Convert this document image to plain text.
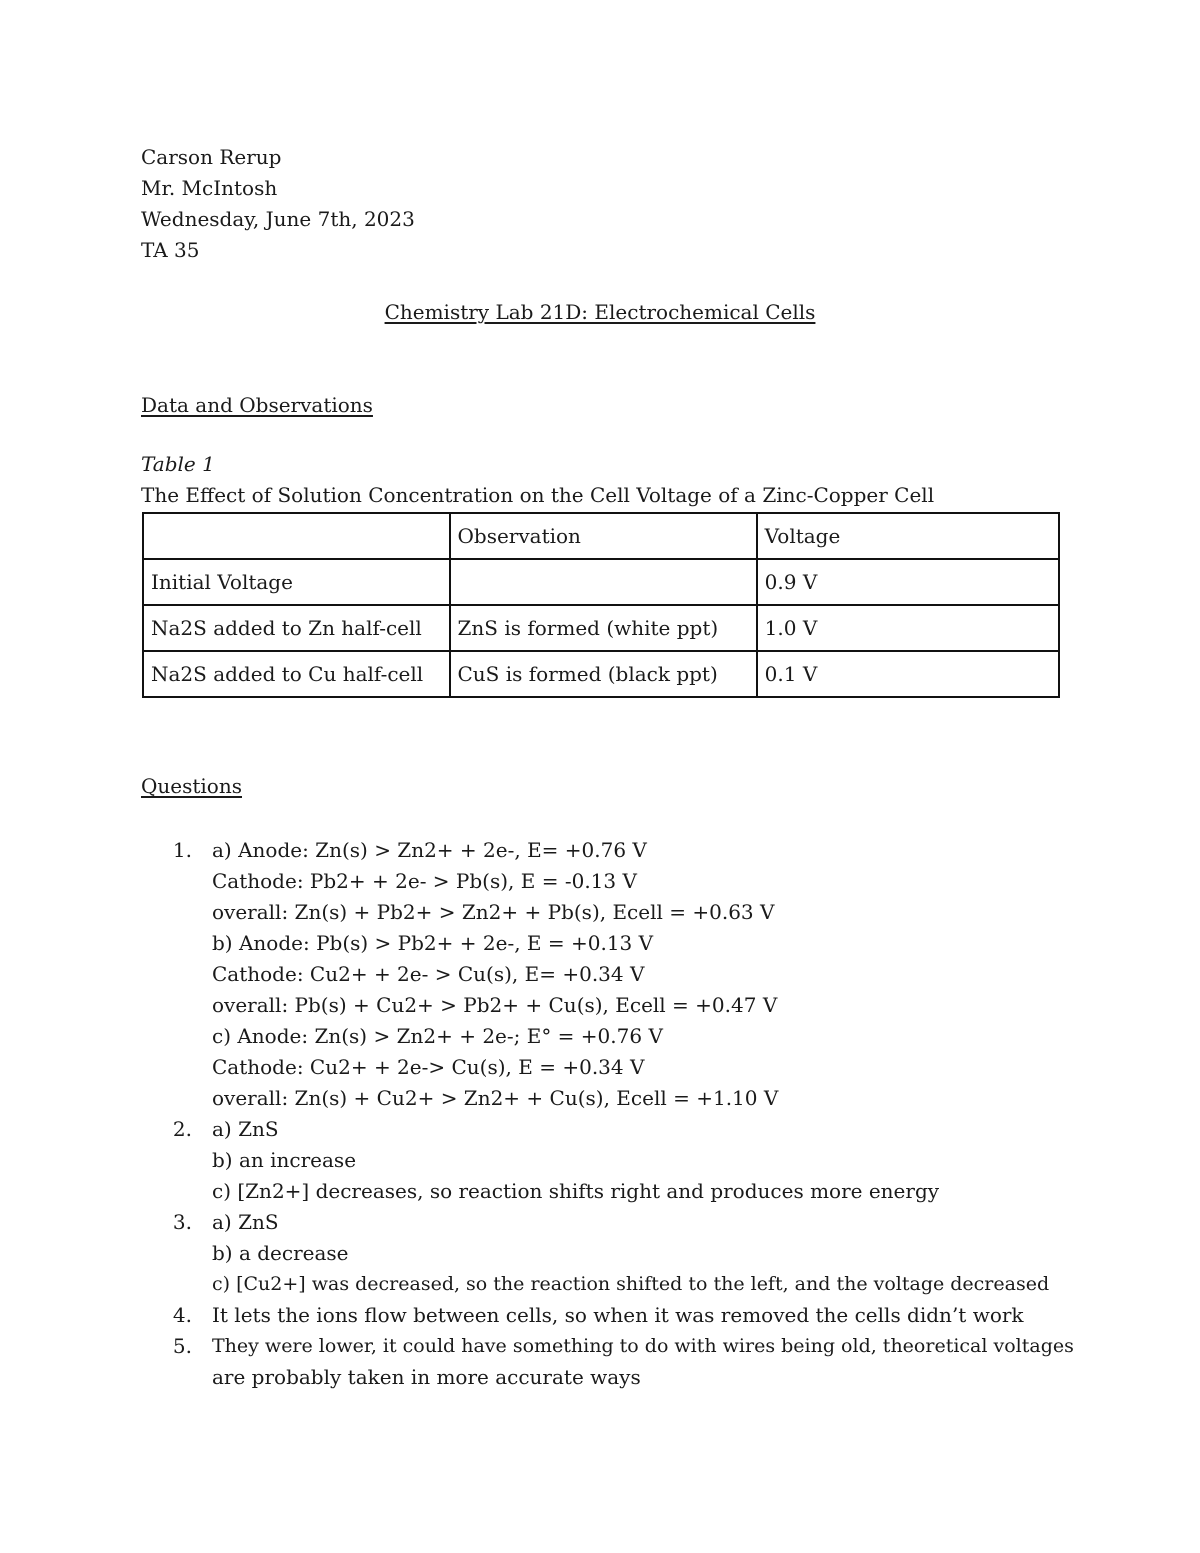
Carson Rerup
Mr. McIntosh
Wednesday, June 7th, 2023
TA 35
Chemistry Lab 21D: Electrochemical Cells
Data and Observations
Table 1
The Effect of Solution Concentration on the Cell Voltage of a Zinc-Copper Cell
	Observation	Voltage
Initial Voltage		0.9 V
Na2S added to Zn half-cell	ZnS is formed (white ppt)	1.0 V
Na2S added to Cu half-cell	CuS is formed (black ppt)	0.1 V
Questions
1. a) Anode: Zn(s) > Zn2+ + 2e-, E= +0.76 V
Cathode: Pb2+ + 2e- > Pb(s), E = -0.13 V
overall: Zn(s) + Pb2+ > Zn2+ + Pb(s), Ecell = +0.63 V
b) Anode: Pb(s) > Pb2+ + 2e-, E = +0.13 V
Cathode: Cu2+ + 2e- > Cu(s), E= +0.34 V
overall: Pb(s) + Cu2+ > Pb2+ + Cu(s), Ecell = +0.47 V
c) Anode: Zn(s) > Zn2+ + 2e-; E° = +0.76 V
Cathode: Cu2+ + 2e-> Cu(s), E = +0.34 V
overall: Zn(s) + Cu2+ > Zn2+ + Cu(s), Ecell = +1.10 V
2. a) ZnS
b) an increase
c) [Zn2+] decreases, so reaction shifts right and produces more energy
3. a) ZnS
b) a decrease
c) [Cu2+] was decreased, so the reaction shifted to the left, and the voltage decreased
4. It lets the ions flow between cells, so when it was removed the cells didn’t work
5. They were lower, it could have something to do with wires being old, theoretical voltages
are probably taken in more accurate ways
